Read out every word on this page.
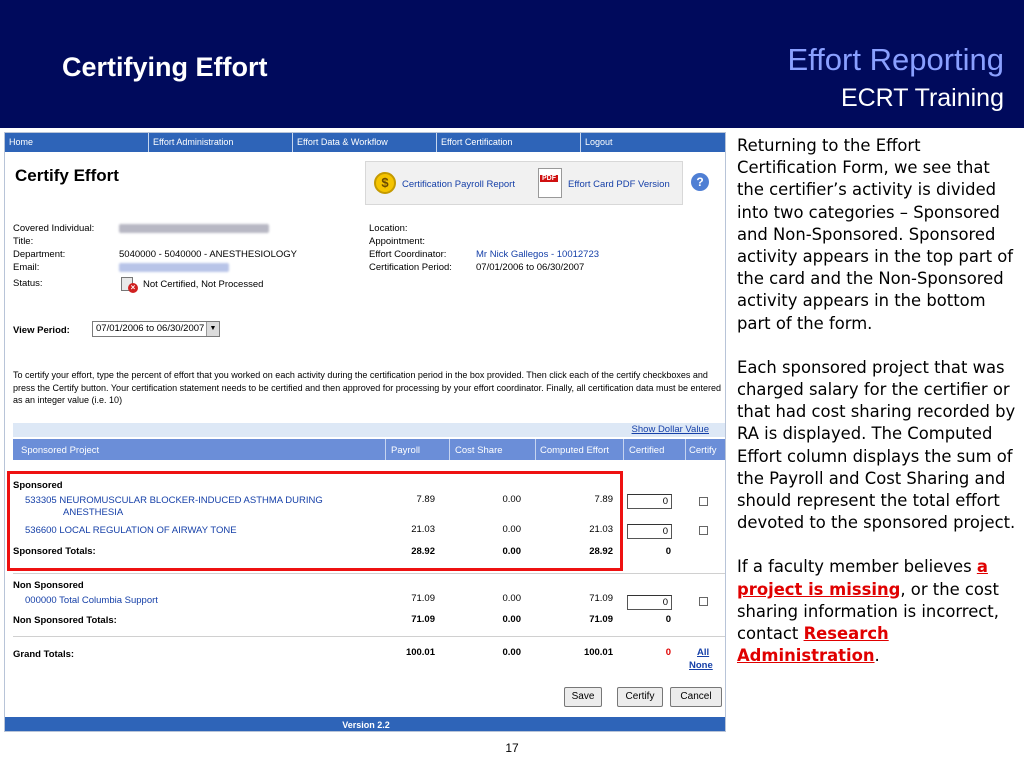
Certifying Effort	Effort Reporting
ECRT Training
Home	Effort Administration	Effort Data & Workflow	Effort Certification	Logout
Certify Effort	$	Certification Payroll Report
PDF	Effort Card PDF Version	?
Covered Individual:
Title:
Department:	5040000 - 5040000 - ANESTHESIOLOGY
Email:
Status:	× Not Certified, Not Processed
Location:
Appointment:
Effort Coordinator:	Mr Nick Gallegos - 10012723
Certification Period:	07/01/2006 to 06/30/2007
View Period:	07/01/2006 to 06/30/2007 ▼
To certify your effort, type the percent of effort that you worked on each activity during the certification period in the box provided. Then click each of the certify checkboxes and press the Certify button. Your certification statement needs to be certified and then approved for processing by your effort coordinator. Finally, all certification data must be entered as an integer value (i.e. 10)
Show Dollar Value
Sponsored Project	Payroll	Cost Share	Computed Effort Certified	Certify
Sponsored
533305 NEUROMUSCULAR BLOCKER-INDUCED ASTHMA DURING
ANESTHESIA
7.89	0.00	7.89	0
536600 LOCAL REGULATION OF AIRWAY TONE	21.03	0.00	21.03	0
Sponsored Totals:	28.92	0.00	28.92	0
Non Sponsored
000000 Total Columbia Support	71.09	0.00	71.09	0
Non Sponsored Totals:	71.09	0.00	71.09	0
Grand Totals:	100.01	0.00	100.01	0	All
None
Save	Certify	Cancel
Version 2.2

Returning to the Effort Certification Form, we see that the certifier’s activity is divided into two categories – Sponsored and Non-Sponsored. Sponsored activity appears in the top part of the card and the Non-Sponsored activity appears in the bottom part of the form.

Each sponsored project that was charged salary for the certifier or that had cost sharing recorded by RA is displayed. The Computed Effort column displays the sum of the Payroll and Cost Sharing and should represent the total effort devoted to the sponsored project.

If a faculty member believes a project is missing, or the cost sharing information is incorrect, contact Research Administration.

17
